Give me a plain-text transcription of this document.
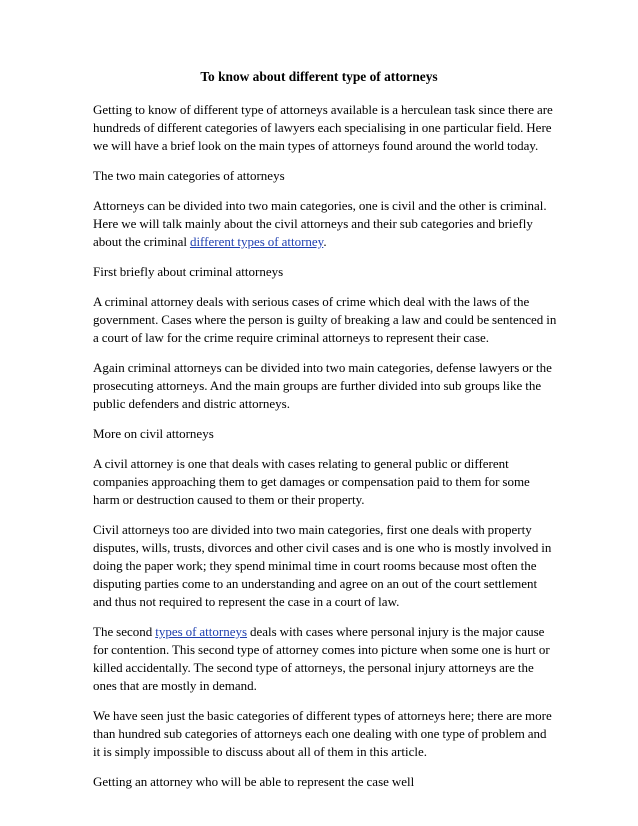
To know about different type of attorneys

Getting to know of different type of attorneys available is a herculean task since there are
hundreds of different categories of lawyers each specialising in one particular field. Here
we will have a brief look on the main types of attorneys found around the world today.

The two main categories of attorneys

Attorneys can be divided into two main categories, one is civil and the other is criminal.
Here we will talk mainly about the civil attorneys and their sub categories and briefly
about the criminal different types of attorney.

First briefly about criminal attorneys

A criminal attorney deals with serious cases of crime which deal with the laws of the
government. Cases where the person is guilty of breaking a law and could be sentenced in
a court of law for the crime require criminal attorneys to represent their case.

Again criminal attorneys can be divided into two main categories, defense lawyers or the
prosecuting attorneys. And the main groups are further divided into sub groups like the
public defenders and distric attorneys.

More on civil attorneys

A civil attorney is one that deals with cases relating to general public or different
companies approaching them to get damages or compensation paid to them for some
harm or destruction caused to them or their property.

Civil attorneys too are divided into two main categories, first one deals with property
disputes, wills, trusts, divorces and other civil cases and is one who is mostly involved in
doing the paper work; they spend minimal time in court rooms because most often the
disputing parties come to an understanding and agree on an out of the court settlement
and thus not required to represent the case in a court of law.

The second types of attorneys deals with cases where personal injury is the major cause
for contention. This second type of attorney comes into picture when some one is hurt or
killed accidentally. The second type of attorneys, the personal injury attorneys are the
ones that are mostly in demand.

We have seen just the basic categories of different types of attorneys here; there are more
than hundred sub categories of attorneys each one dealing with one type of problem and
it is simply impossible to discuss about all of them in this article.

Getting an attorney who will be able to represent the case well
